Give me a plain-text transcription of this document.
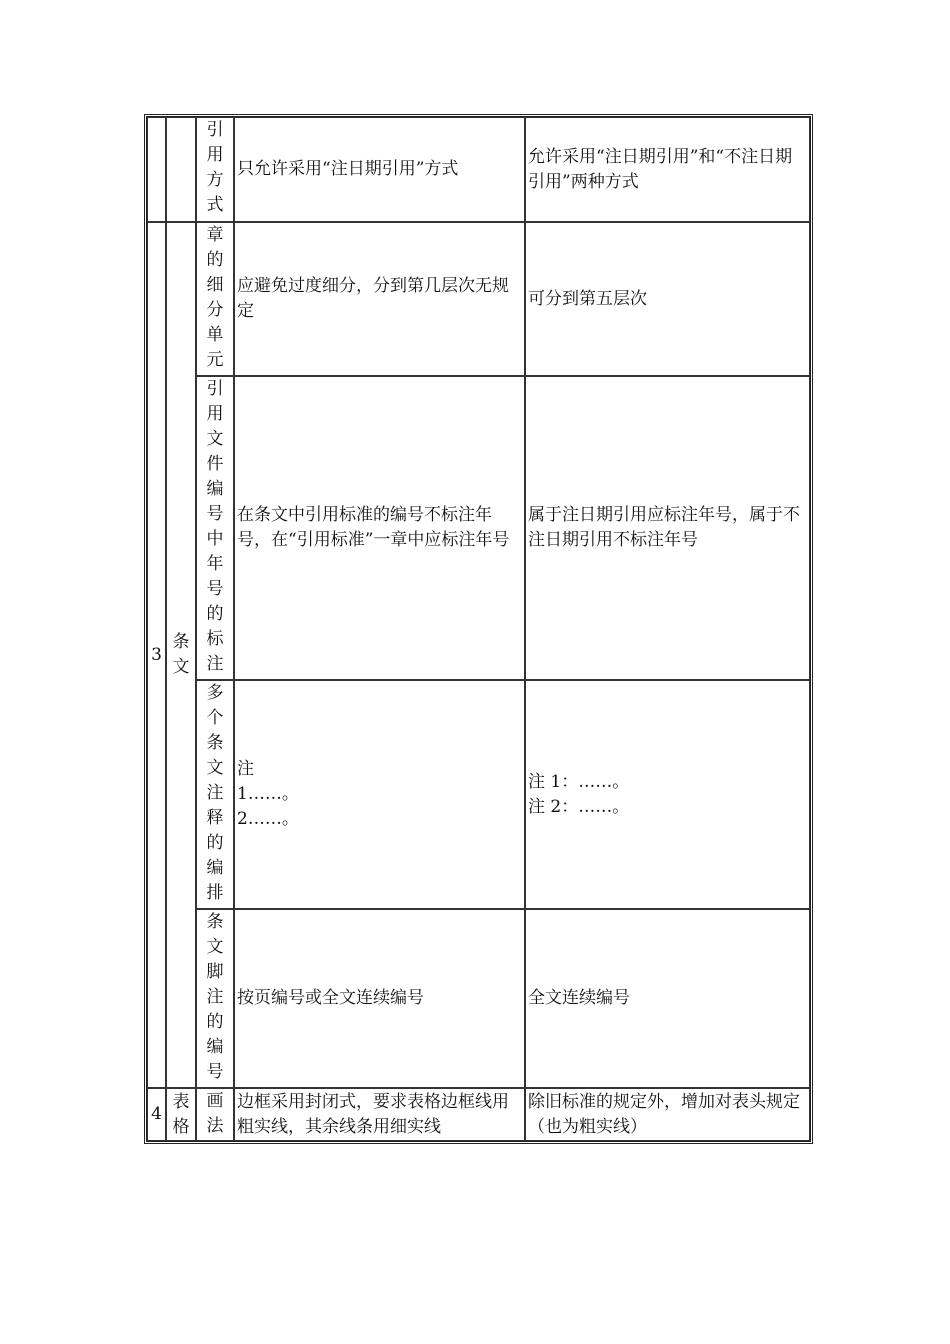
		引用方式	只允许采用“注日期引用”方式	允许采用“注日期引用”和“不注日期引用”两种方式

3	条文	章的细分单元	应避免过度细分，分到第几层次无规定	可分到第五层次

		引用文件编号中年号的标注	在条文中引用标准的编号不标注年号，在“引用标准”一章中应标注年号	属于注日期引用应标注年号，属于不注日期引用不标注年号

		多个条文注释的编排	注
1……。
2……。	注 1：……。
注 2：……。

		条文脚注的编号	按页编号或全文连续编号	全文连续编号

4	表格	画法	边框采用封闭式，要求表格边框线用粗实线，其余线条用细实线	除旧标准的规定外，增加对表头规定（也为粗实线）
